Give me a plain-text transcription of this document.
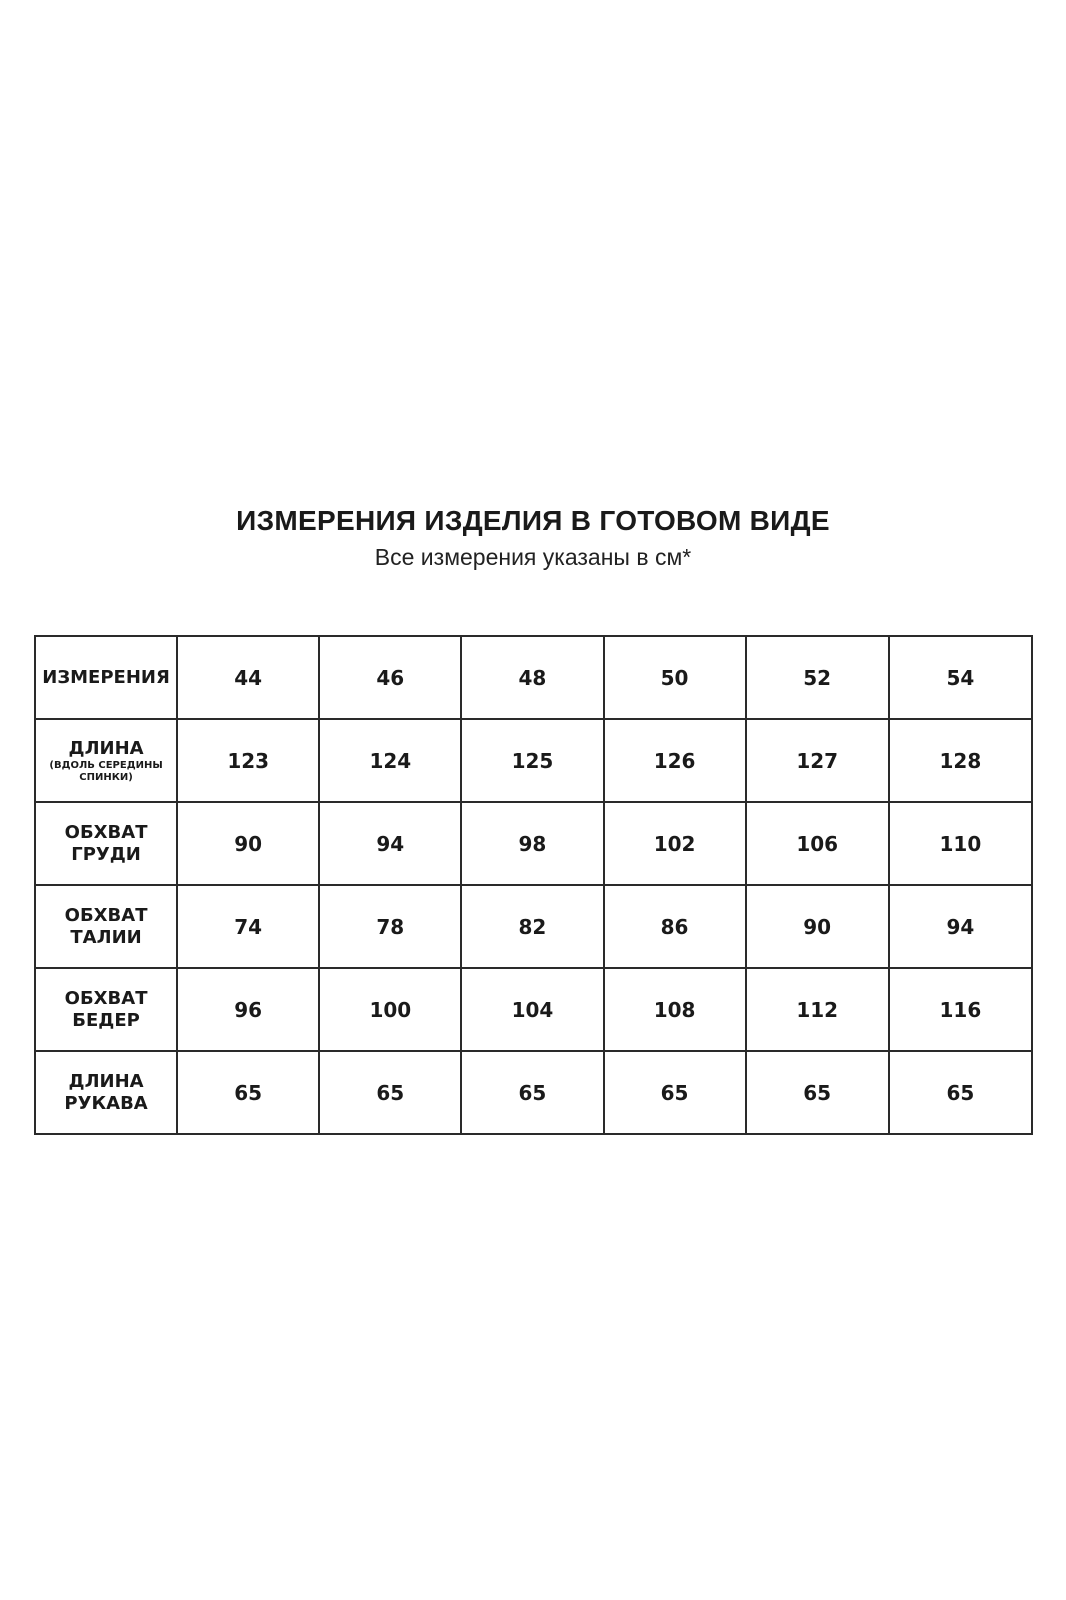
ИЗМЕРЕНИЯ ИЗДЕЛИЯ В ГОТОВОМ ВИДЕ
Все измерения указаны в см*
ИЗМЕРЕНИЯ	44	46	48	50	52	54

ДЛИНА
(ВДОЛЬ СЕРЕДИНЫ
СПИНКИ)	123	124	125	126	127	128

ОБХВАТ
ГРУДИ	90	94	98	102	106	110

ОБХВАТ
ТАЛИИ	74	78	82	86	90	94

ОБХВАТ
БЕДЕР	96	100	104	108	112	116

ДЛИНА
РУКАВА	65	65	65	65	65	65
